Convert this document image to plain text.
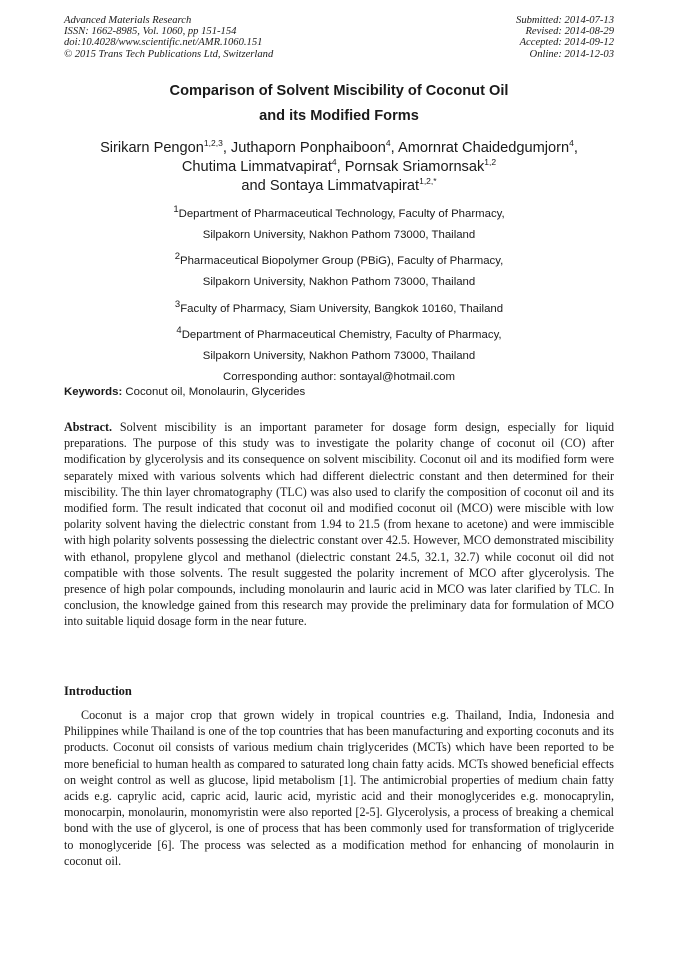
Advanced Materials Research
ISSN: 1662-8985, Vol. 1060, pp 151-154
doi:10.4028/www.scientific.net/AMR.1060.151
© 2015 Trans Tech Publications Ltd, Switzerland
Submitted: 2014-07-13
Revised: 2014-08-29
Accepted: 2014-09-12
Online: 2014-12-03
Comparison of Solvent Miscibility of Coconut Oil
and its Modified Forms
Sirikarn Pengon$^{1,2,3}$, Juthaporn Ponphaiboon$^4$, Amornrat Chaidedgumjorn$^4$,
Chutima Limmatvapirat$^4$, Pornsak Sriamornsak$^{1,2}$
and Sontaya Limmatvapirat$^{1,2,*}$
$^1$Department of Pharmaceutical Technology, Faculty of Pharmacy,
Silpakorn University, Nakhon Pathom 73000, Thailand
$^2$Pharmaceutical Biopolymer Group (PBiG), Faculty of Pharmacy,
Silpakorn University, Nakhon Pathom 73000, Thailand
$^3$Faculty of Pharmacy, Siam University, Bangkok 10160, Thailand
$^4$Department of Pharmaceutical Chemistry, Faculty of Pharmacy,
Silpakorn University, Nakhon Pathom 73000, Thailand
Corresponding author: sontayal@hotmail.com
Keywords: Coconut oil, Monolaurin, Glycerides
Abstract. Solvent miscibility is an important parameter for dosage form design, especially for liquid preparations. The purpose of this study was to investigate the polarity change of coconut oil (CO) after modification by glycerolysis and its consequence on solvent miscibility. Coconut oil and its modified form were separately mixed with various solvents which had different dielectric constant and then determined for their miscibility. The thin layer chromatography (TLC) was also used to clarify the composition of coconut oil and its modified form. The result indicated that coconut oil and modified coconut oil (MCO) were miscible with low polarity solvent having the dielectric constant from 1.94 to 21.5 (from hexane to acetone) and were immiscible with high polarity solvents possessing the dielectric constant over 42.5. However, MCO demonstrated miscibility with ethanol, propylene glycol and methanol (dielectric constant 24.5, 32.1, 32.7) while coconut oil did not compatible with those solvents. The result suggested the polarity increment of MCO after glycerolysis. The presence of high polar compounds, including monolaurin and lauric acid in MCO was later clarified by TLC. In conclusion, the knowledge gained from this research may provide the preliminary data for formulation of MCO into suitable liquid dosage form in the near future.
Introduction
Coconut is a major crop that grown widely in tropical countries e.g. Thailand, India, Indonesia and Philippines while Thailand is one of the top countries that has been manufacturing and exporting coconuts and its products. Coconut oil consists of various medium chain triglycerides (MCTs) which have been reported to be more beneficial to human health as compared to saturated long chain fatty acids. MCTs showed beneficial effects on weight control as well as glucose, lipid metabolism [1]. The antimicrobial properties of medium chain fatty acids e.g. caprylic acid, capric acid, lauric acid, myristic acid and their monoglycerides e.g. monocaprylin, monocarpin, monolaurin, monomyristin were also reported [2-5]. Glycerolysis, a process of breaking a chemical bond with the use of glycerol, is one of process that has been commonly used for transformation of triglyceride to monoglyceride [6]. The process was selected as a modification method for enhancing of monolaurin in coconut oil.
